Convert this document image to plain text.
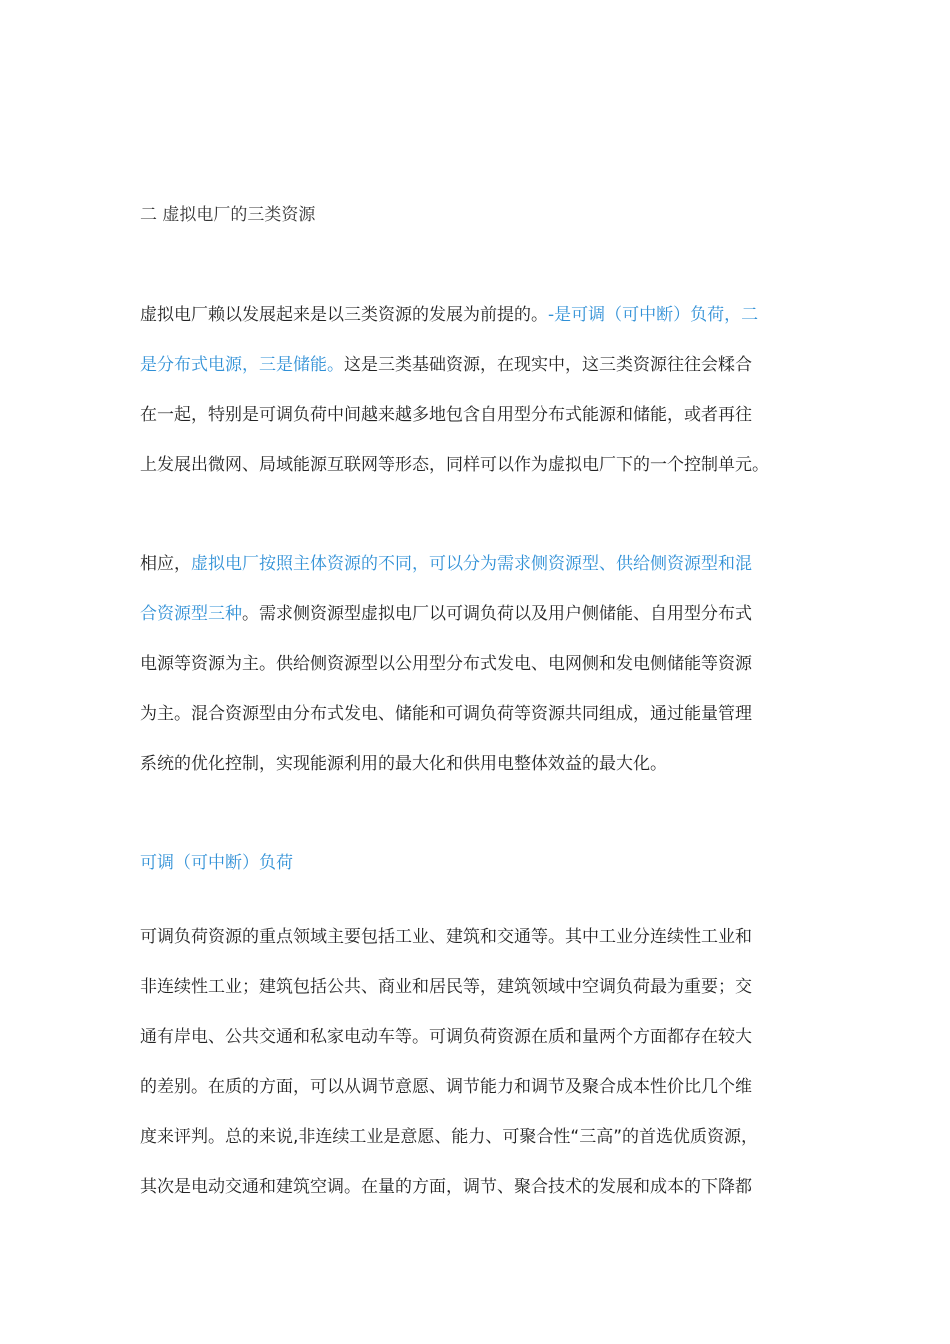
二 虚拟电厂的三类资源
虚拟电厂赖以发展起来是以三类资源的发展为前提的。-是可调（可中断）负荷，二
是分布式电源，三是储能。这是三类基础资源，在现实中，这三类资源往往会糅合
在一起，特别是可调负荷中间越来越多地包含自用型分布式能源和储能，或者再往
上发展出微网、局域能源互联网等形态，同样可以作为虚拟电厂下的一个控制单元。
相应，虚拟电厂按照主体资源的不同，可以分为需求侧资源型、供给侧资源型和混
合资源型三种。需求侧资源型虚拟电厂以可调负荷以及用户侧储能、自用型分布式
电源等资源为主。供给侧资源型以公用型分布式发电、电网侧和发电侧储能等资源
为主。混合资源型由分布式发电、储能和可调负荷等资源共同组成，通过能量管理
系统的优化控制，实现能源利用的最大化和供用电整体效益的最大化。
可调（可中断）负荷
可调负荷资源的重点领域主要包括工业、建筑和交通等。其中工业分连续性工业和
非连续性工业；建筑包括公共、商业和居民等，建筑领域中空调负荷最为重要；交
通有岸电、公共交通和私家电动车等。可调负荷资源在质和量两个方面都存在较大
的差别。在质的方面，可以从调节意愿、调节能力和调节及聚合成本性价比几个维
度来评判。总的来说,非连续工业是意愿、能力、可聚合性“三高”的首选优质资源，
其次是电动交通和建筑空调。在量的方面，调节、聚合技术的发展和成本的下降都
